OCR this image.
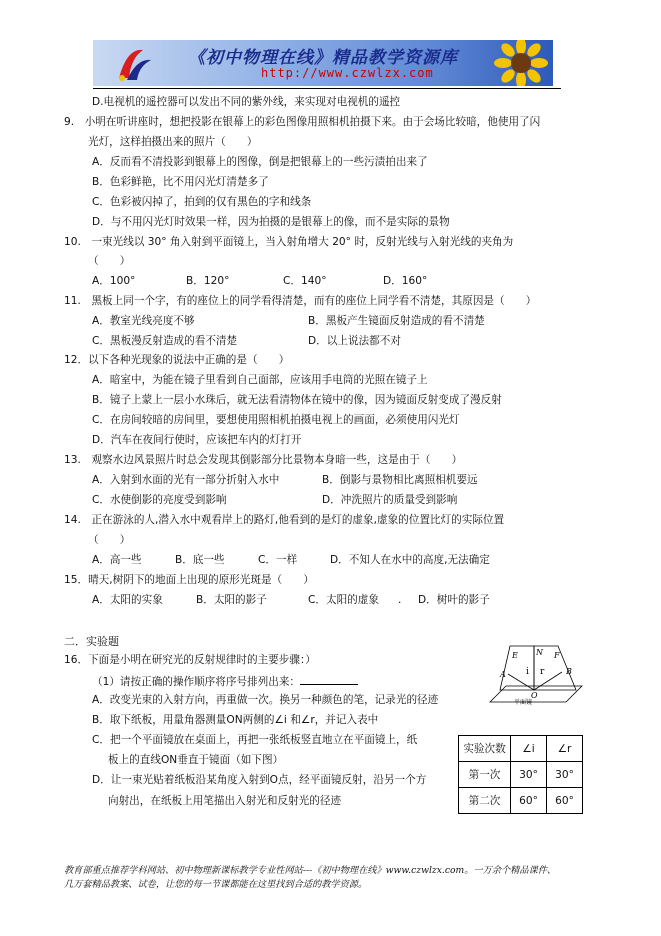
《初中物理在线》精品教学资源库
http://www.czwlzx.com
D.电视机的遥控器可以发出不同的紫外线，来实现对电视机的遥控
9.　小明在听讲座时，想把投影在银幕上的彩色图像用照相机拍摄下来。由于会场比较暗，他使用了闪
光灯，这样拍摄出来的照片（　　）
A．反而看不清投影到银幕上的图像，倒是把银幕上的一些污渍拍出来了
B．色彩鲜艳，比不用闪光灯清楚多了
C．色彩被闪掉了，拍到的仅有黑色的字和线条
D．与不用闪光灯时效果一样，因为拍摄的是银幕上的像，而不是实际的景物
10.　一束光线以 30° 角入射到平面镜上，当入射角增大 20° 时，反射光线与入射光线的夹角为
（　　）
A．100°	B．120°	C．140°	D．160°
11.　黑板上同一个字，有的座位上的同学看得清楚，而有的座位上同学看不清楚，其原因是（　　）
A．教室光线亮度不够	B．黑板产生镜面反射造成的看不清楚
C．黑板漫反射造成的看不清楚	D．以上说法都不对
12．以下各种光现象的说法中正确的是（　　）
A．暗室中，为能在镜子里看到自己面部，应该用手电筒的光照在镜子上
B．镜子上蒙上一层小水珠后，就无法看清物体在镜中的像，因为镜面反射变成了漫反射
C．在房间较暗的房间里，要想使用照相机拍摄电视上的画面，必须使用闪光灯
D．汽车在夜间行使时，应该把车内的灯打开
13.　观察水边风景照片时总会发现其倒影部分比景物本身暗一些，这是由于（　　）
A．入射到水面的光有一部分折射入水中	B．倒影与景物相比离照相机要远
C．水使倒影的亮度受到影响	D．冲洗照片的质量受到影响
14.　正在游泳的人,潜入水中观看岸上的路灯,他看到的是灯的虚象,虚象的位置比灯的实际位置
（　　）
A．高一些	B．底一些	C．一样	D．不知人在水中的高度,无法确定
15．晴天,树阴下的地面上出现的原形光斑是（　　）
A．太阳的实象	B．太阳的影子	C．太阳的虚象 . D．树叶的影子
二．实验题
16．下面是小明在研究光的反射规律时的主要步骤：）
（1）请按正确的操作顺序将序号排列出来：
A．改变光束的入射方向，再重做一次。换另一种颜色的笔，记录光的径迹
B．取下纸板，用量角器测量ON两侧的∠i 和∠r，并记入表中
C．把一个平面镜放在桌面上，再把一张纸板竖直地立在平面镜上，纸
板上的直线ON垂直于镜面（如下图）
D．让一束光贴着纸板沿某角度入射到O点，经平面镜反射，沿另一个方
向射出，在纸板上用笔描出入射光和反射光的径迹
E N F
i r
A	B
O
平面镜
实验次数	∠i	∠r
第一次	30°	30°
第二次	60°	60°
教育部重点推荐学科网站、初中物理新课标教学专业性网站---《初中物理在线》www.czwlzx.com。一万余个精品课件、
几万套精品教案、试卷，让您的每一节课都能在这里找到合适的教学资源。
